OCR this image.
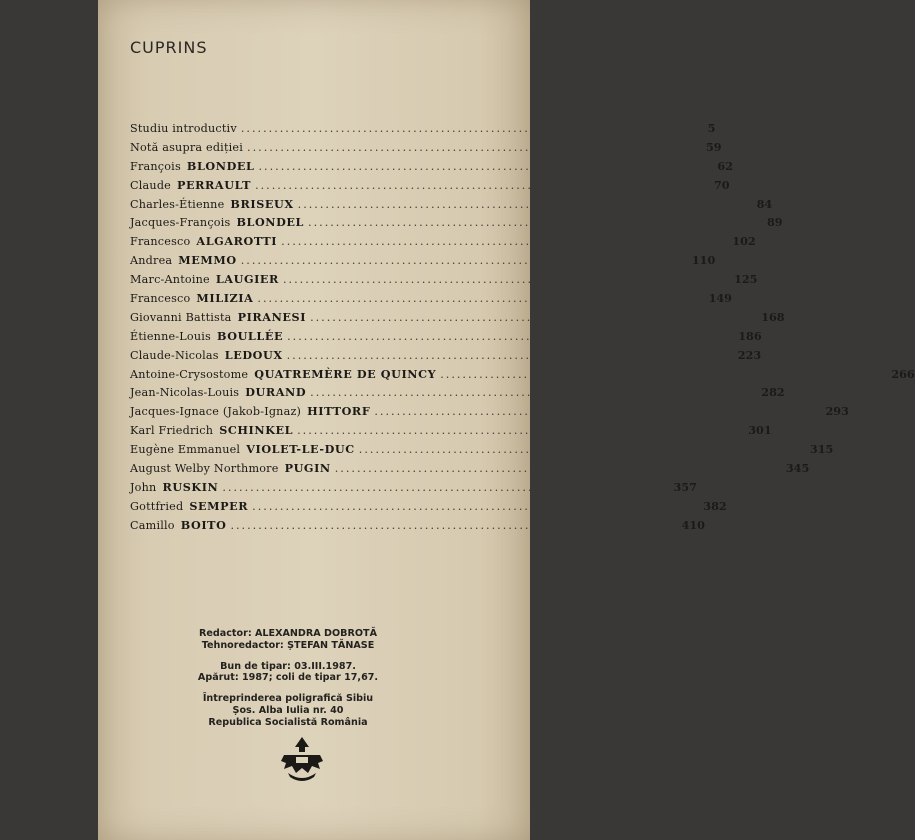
CUPRINS
Studiu introductiv ................................................................................	5
Notă asupra ediției ................................................................................	59
François BLONDEL ................................................................................	62
Claude PERRAULT ................................................................................	70
Charles-Étienne BRISEUX ................................................................................	84
Jacques-François BLONDEL ................................................................................	89
Francesco ALGAROTTI ................................................................................ 102
Andrea MEMMO ................................................................................ 110
Marc-Antoine LAUGIER ................................................................................ 125
Francesco MILIZIA ................................................................................ 149
Giovanni Battista PIRANESI ................................................................................ 168
Étienne-Louis BOULLÉE ................................................................................ 186
Claude-Nicolas LEDOUX ................................................................................ 223
Antoine-Crysostome QUATREMÈRE DE QUINCY ................................................................................ 266
Jean-Nicolas-Louis DURAND ................................................................................ 282
Jacques-Ignace (Jakob-Ignaz) HITTORF ................................................................................ 293
Karl Friedrich SCHINKEL ................................................................................ 301
Eugène Emmanuel VIOLET-LE-DUC ................................................................................ 315
August Welby Northmore PUGIN ................................................................................ 345
John RUSKIN ................................................................................ 357
Gottfried SEMPER ................................................................................ 382
Camillo BOITO ................................................................................ 410
Redactor: ALEXANDRA DOBROTĂ
Tehnoredactor: ȘTEFAN TĂNASE
Bun de tipar: 03.III.1987.
Apărut: 1987; coli de tipar 17,67.
Întreprinderea poligrafică Sibiu
Șos. Alba Iulia nr. 40
Republica Socialistă România
